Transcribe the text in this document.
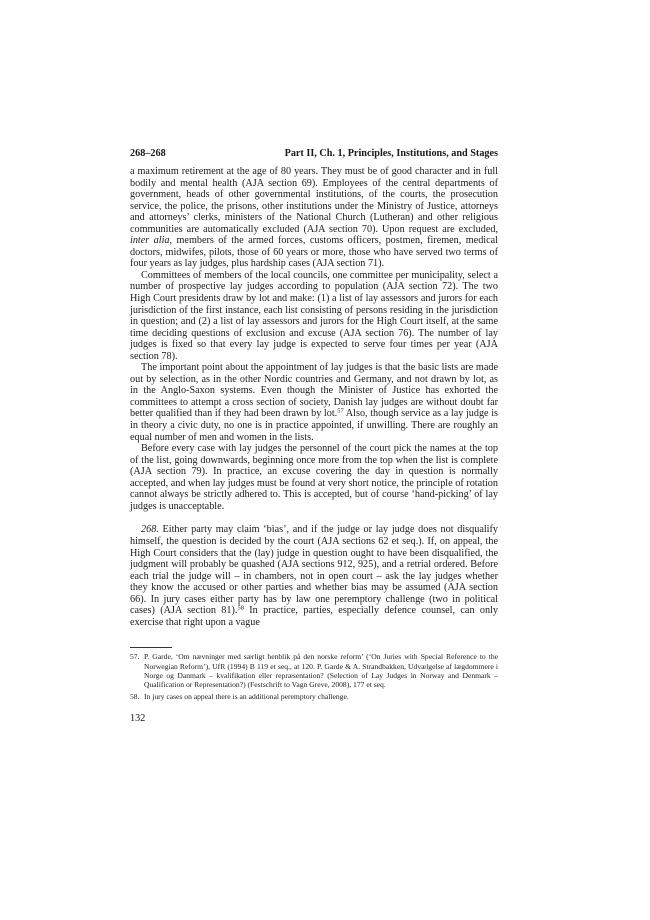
268–268	Part II, Ch. 1, Principles, Institutions, and Stages

a maximum retirement at the age of 80 years. They must be of good character and in full bodily and mental health (AJA section 69). Employees of the central departments of government, heads of other governmental institutions, of the courts, the prosecution service, the police, the prisons, other institutions under the Ministry of Justice, attorneys and attorneys’ clerks, ministers of the National Church (Lutheran) and other religious communities are automatically excluded (AJA section 70). Upon request are excluded, inter alia, members of the armed forces, customs officers, postmen, firemen, medical doctors, midwifes, pilots, those of 60 years or more, those who have served two terms of four years as lay judges, plus hardship cases (AJA section 71).

Committees of members of the local councils, one committee per municipality, select a number of prospective lay judges according to population (AJA section 72). The two High Court presidents draw by lot and make: (1) a list of lay assessors and jurors for each jurisdiction of the first instance, each list consisting of persons residing in the jurisdiction in question; and (2) a list of lay assessors and jurors for the High Court itself, at the same time deciding questions of exclusion and excuse (AJA section 76). The number of lay judges is fixed so that every lay judge is expected to serve four times per year (AJA section 78).

The important point about the appointment of lay judges is that the basic lists are made out by selection, as in the other Nordic countries and Germany, and not drawn by lot, as in the Anglo-Saxon systems. Even though the Minister of Justice has exhorted the committees to attempt a cross section of society, Danish lay judges are without doubt far better qualified than if they had been drawn by lot.$^{57}$ Also, though service as a lay judge is in theory a civic duty, no one is in practice appointed, if unwilling. There are roughly an equal number of men and women in the lists.

Before every case with lay judges the personnel of the court pick the names at the top of the list, going downwards, beginning once more from the top when the list is complete (AJA section 79). In practice, an excuse covering the day in question is normally accepted, and when lay judges must be found at very short notice, the principle of rotation cannot always be strictly adhered to. This is accepted, but of course ‘hand-picking’ of lay judges is unacceptable.

268. Either party may claim ‘bias’, and if the judge or lay judge does not disqualify himself, the question is decided by the court (AJA sections 62 et seq.). If, on appeal, the High Court considers that the (lay) judge in question ought to have been disqualified, the judgment will probably be quashed (AJA sections 912, 925), and a retrial ordered. Before each trial the judge will – in chambers, not in open court – ask the lay judges whether they know the accused or other parties and whether bias may be assumed (AJA section 66). In jury cases either party has by law one peremptory challenge (two in political cases) (AJA section 81).$^{58}$ In practice, parties, especially defence counsel, can only exercise that right upon a vague

57. P. Garde, ‘Om nævninger med særligt henblik på den norske reform’ (‘On Juries with Special Reference to the Norwegian Reform’), UfR (1994) B 119 et seq., at 120. P. Garde & A. Strandbakken, Udvælgelse af lægdommere i Norge og Danmark – kvalifikation eller repræsentation? (Selection of Lay Judges in Norway and Denmark – Qualification or Representation?) (Festschrift to Vagn Greve, 2008), 177 et seq.
58. In jury cases on appeal there is an additional peremptory challenge.
132
